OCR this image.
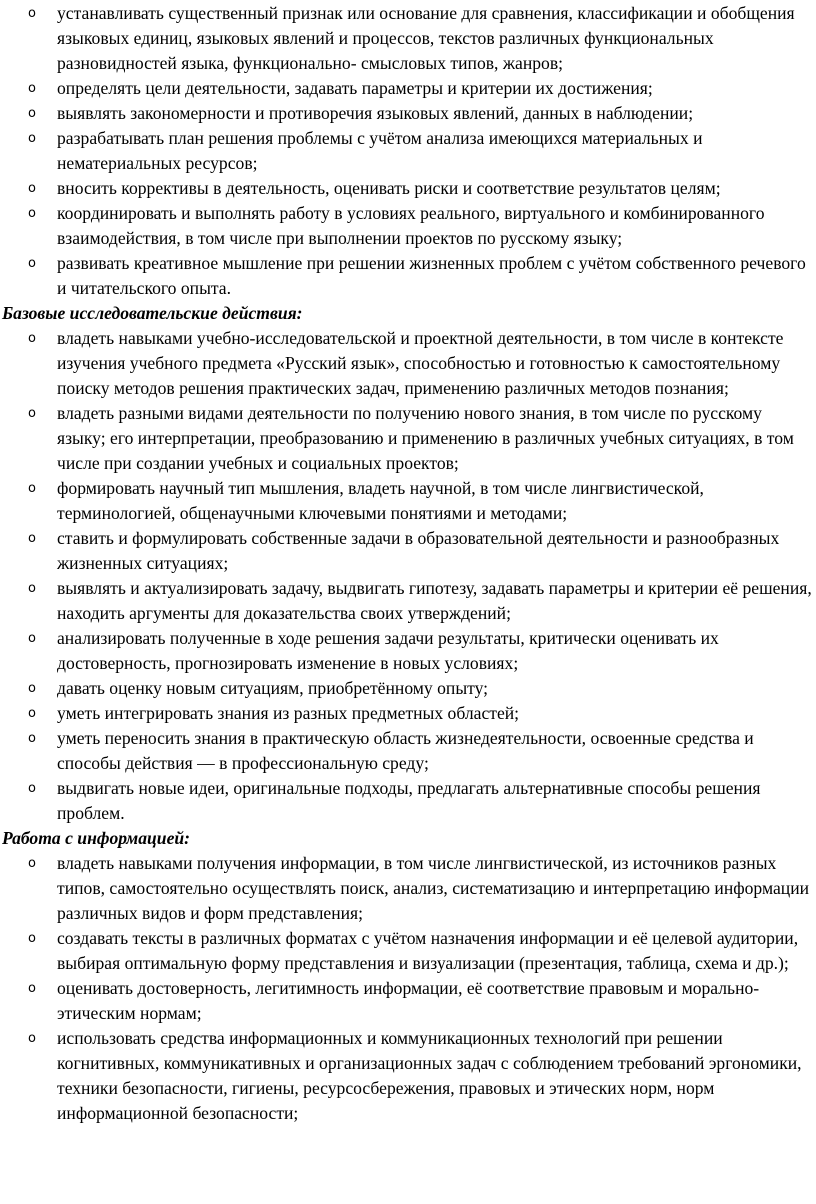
o устанавливать существенный признак или основание для сравнения, классификации и обобщения языковых единиц, языковых явлений и процессов, текстов различных функциональных разновидностей языка, функционально- смысловых типов, жанров;
o определять цели деятельности, задавать параметры и критерии их достижения;
o выявлять закономерности и противоречия языковых явлений, данных в наблюдении;
o разрабатывать план решения проблемы с учётом анализа имеющихся материальных и нематериальных ресурсов;
o вносить коррективы в деятельность, оценивать риски и соответствие результатов целям;
o координировать и выполнять работу в условиях реального, виртуального и комбинированного взаимодействия, в том числе при выполнении проектов по русскому языку;
o развивать креативное мышление при решении жизненных проблем с учётом собственного речевого и читательского опыта.

Базовые исследовательские действия:

o владеть навыками учебно-исследовательской и проектной деятельности, в том числе в контексте изучения учебного предмета «Русский язык», способностью и готовностью к самостоятельному поиску методов решения практических задач, применению различных методов познания;
o владеть разными видами деятельности по получению нового знания, в том числе по русскому языку; его интерпретации, преобразованию и применению в различных учебных ситуациях, в том числе при создании учебных и социальных проектов;
o формировать научный тип мышления, владеть научной, в том числе лингвистической, терминологией, общенаучными ключевыми понятиями и методами;
o ставить и формулировать собственные задачи в образовательной деятельности и разнообразных жизненных ситуациях;
o выявлять и актуализировать задачу, выдвигать гипотезу, задавать параметры и критерии её решения, находить аргументы для доказательства своих утверждений;
o анализировать полученные в ходе решения задачи результаты, критически оценивать их достоверность, прогнозировать изменение в новых условиях;
o давать оценку новым ситуациям, приобретённому опыту;
o уметь интегрировать знания из разных предметных областей;
o уметь переносить знания в практическую область жизнедеятельности, освоенные средства и способы действия — в профессиональную среду;
o выдвигать новые идеи, оригинальные подходы, предлагать альтернативные способы решения проблем.

Работа с информацией:

o владеть навыками получения информации, в том числе лингвистической, из источников разных типов, самостоятельно осуществлять поиск, анализ, систематизацию и интерпретацию информации различных видов и форм представления;
o создавать тексты в различных форматах с учётом назначения информации и её целевой аудитории, выбирая оптимальную форму представления и визуализации (презентация, таблица, схема и др.);
o оценивать достоверность, легитимность информации, её соответствие правовым и морально-этическим нормам;
o использовать средства информационных и коммуникационных технологий при решении когнитивных, коммуникативных и организационных задач с соблюдением требований эргономики, техники безопасности, гигиены, ресурсосбережения, правовых и этических норм, норм информационной безопасности;
